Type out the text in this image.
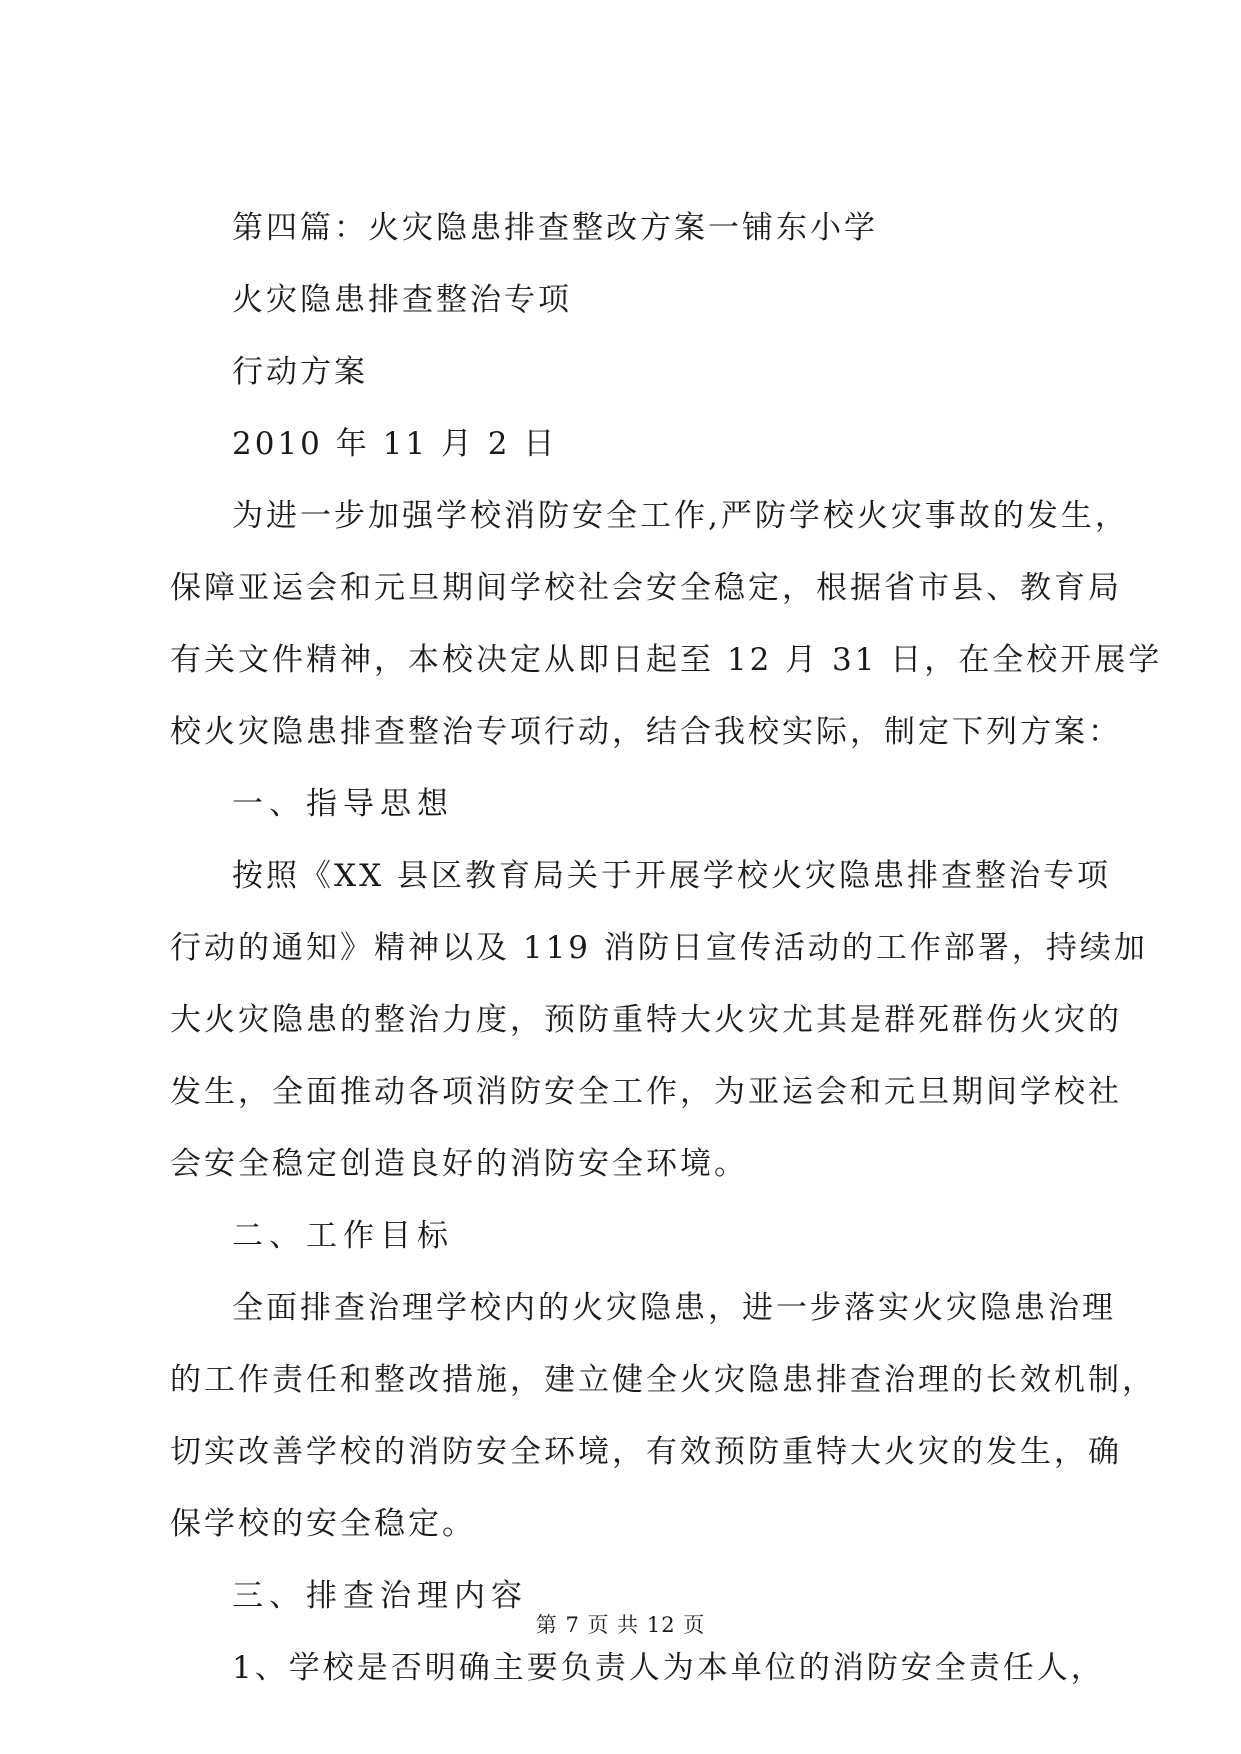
第四篇：火灾隐患排查整改方案一铺东小学
火灾隐患排查整治专项
行动方案
2010 年 11 月 2 日
为进一步加强学校消防安全工作,严防学校火灾事故的发生，
保障亚运会和元旦期间学校社会安全稳定，根据省市县、教育局
有关文件精神，本校决定从即日起至 12 月 31 日，在全校开展学
校火灾隐患排查整治专项行动，结合我校实际，制定下列方案：
一、指导思想
按照《XX 县区教育局关于开展学校火灾隐患排查整治专项
行动的通知》精神以及 119 消防日宣传活动的工作部署，持续加
大火灾隐患的整治力度，预防重特大火灾尤其是群死群伤火灾的
发生，全面推动各项消防安全工作，为亚运会和元旦期间学校社
会安全稳定创造良好的消防安全环境。
二、工作目标
全面排查治理学校内的火灾隐患，进一步落实火灾隐患治理
的工作责任和整改措施，建立健全火灾隐患排查治理的长效机制，
切实改善学校的消防安全环境，有效预防重特大火灾的发生，确
保学校的安全稳定。
三、排查治理内容
1、学校是否明确主要负责人为本单位的消防安全责任人，
第 7 页 共 12 页
